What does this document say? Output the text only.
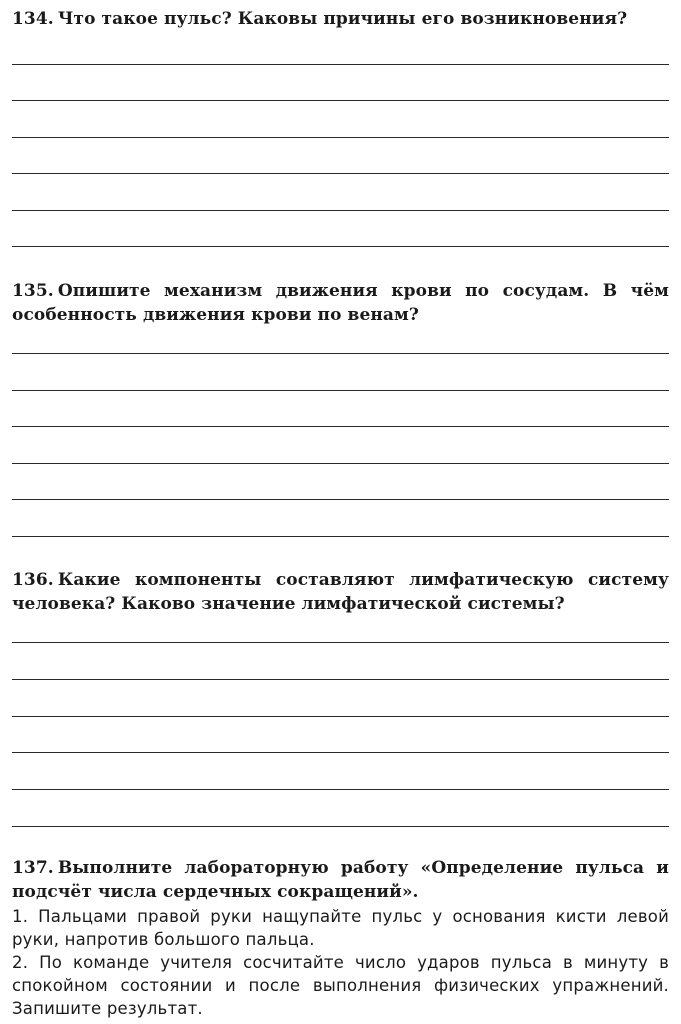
134. Что такое пульс? Каковы причины его возникновения?

135. Опишите механизм движения крови по сосудам. В чём особенность движения крови по венам?

136. Какие компоненты составляют лимфатическую систему человека? Каково значение лимфатической системы?

137. Выполните лабораторную работу «Определение пульса и подсчёт числа сердечных сокращений».

1. Пальцами правой руки нащупайте пульс у основания кисти левой руки, напротив большого пальца.

2. По команде учителя сосчитайте число ударов пульса в минуту в спокойном состоянии и после выполнения физических упражнений. Запишите результат.
